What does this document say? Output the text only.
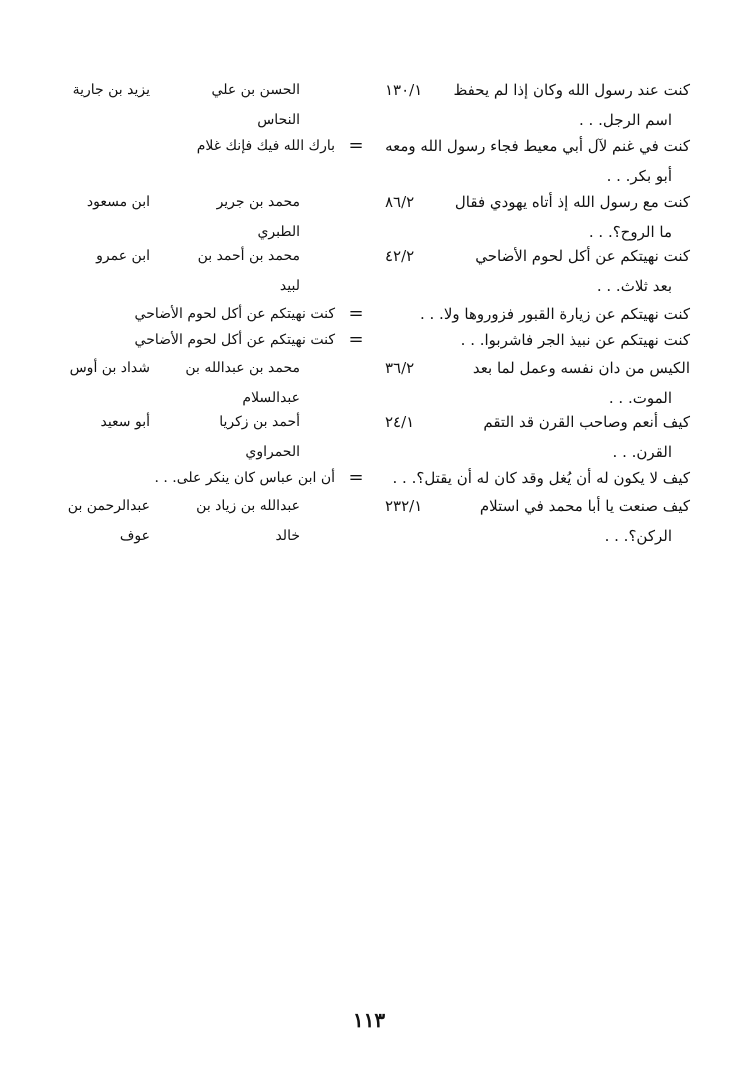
كنت عند رسول الله وكان إذا لم يحفظ
اسم الرجل. . .
١٣٠/١
الحسن بن علي
النحاس
يزيد بن جارية
كنت في غنم لآل أبي معيط فجاء رسول الله ومعه
أبو بكر. . .
=
بارك الله فيك فإنك غلام
كنت مع رسول الله إذ أتاه يهودي فقال
ما الروح؟. . .
٨٦/٢
محمد بن جرير
الطبري
ابن مسعود
كنت نهيتكم عن أكل لحوم الأضاحي
بعد ثلاث. . .
٤٢/٢
محمد بن أحمد بن
لبيد
ابن عمرو
كنت نهيتكم عن زيارة القبور فزوروها ولا. . .
=
كنت نهيتكم عن أكل لحوم الأضاحي
كنت نهيتكم عن نبيذ الجر فاشربوا. . .
=
كنت نهيتكم عن أكل لحوم الأضاحي
الكيس من دان نفسه وعمل لما بعد
الموت. . .
٣٦/٢
محمد بن عبدالله بن
عبدالسلام
شداد بن أوس
كيف أنعم وصاحب القرن قد التقم
القرن. . .
٢٤/١
أحمد بن زكريا
الحمراوي
أبو سعيد
كيف لا يكون له أن يُغل وقد كان له أن يقتل؟. . .
=
أن ابن عباس كان ينكر على. . .
كيف صنعت يا أبا محمد في استلام
الركن؟. . .
٢٣٢/١
عبدالله بن زياد بن
خالد
عبدالرحمن بن
عوف
١١٣
